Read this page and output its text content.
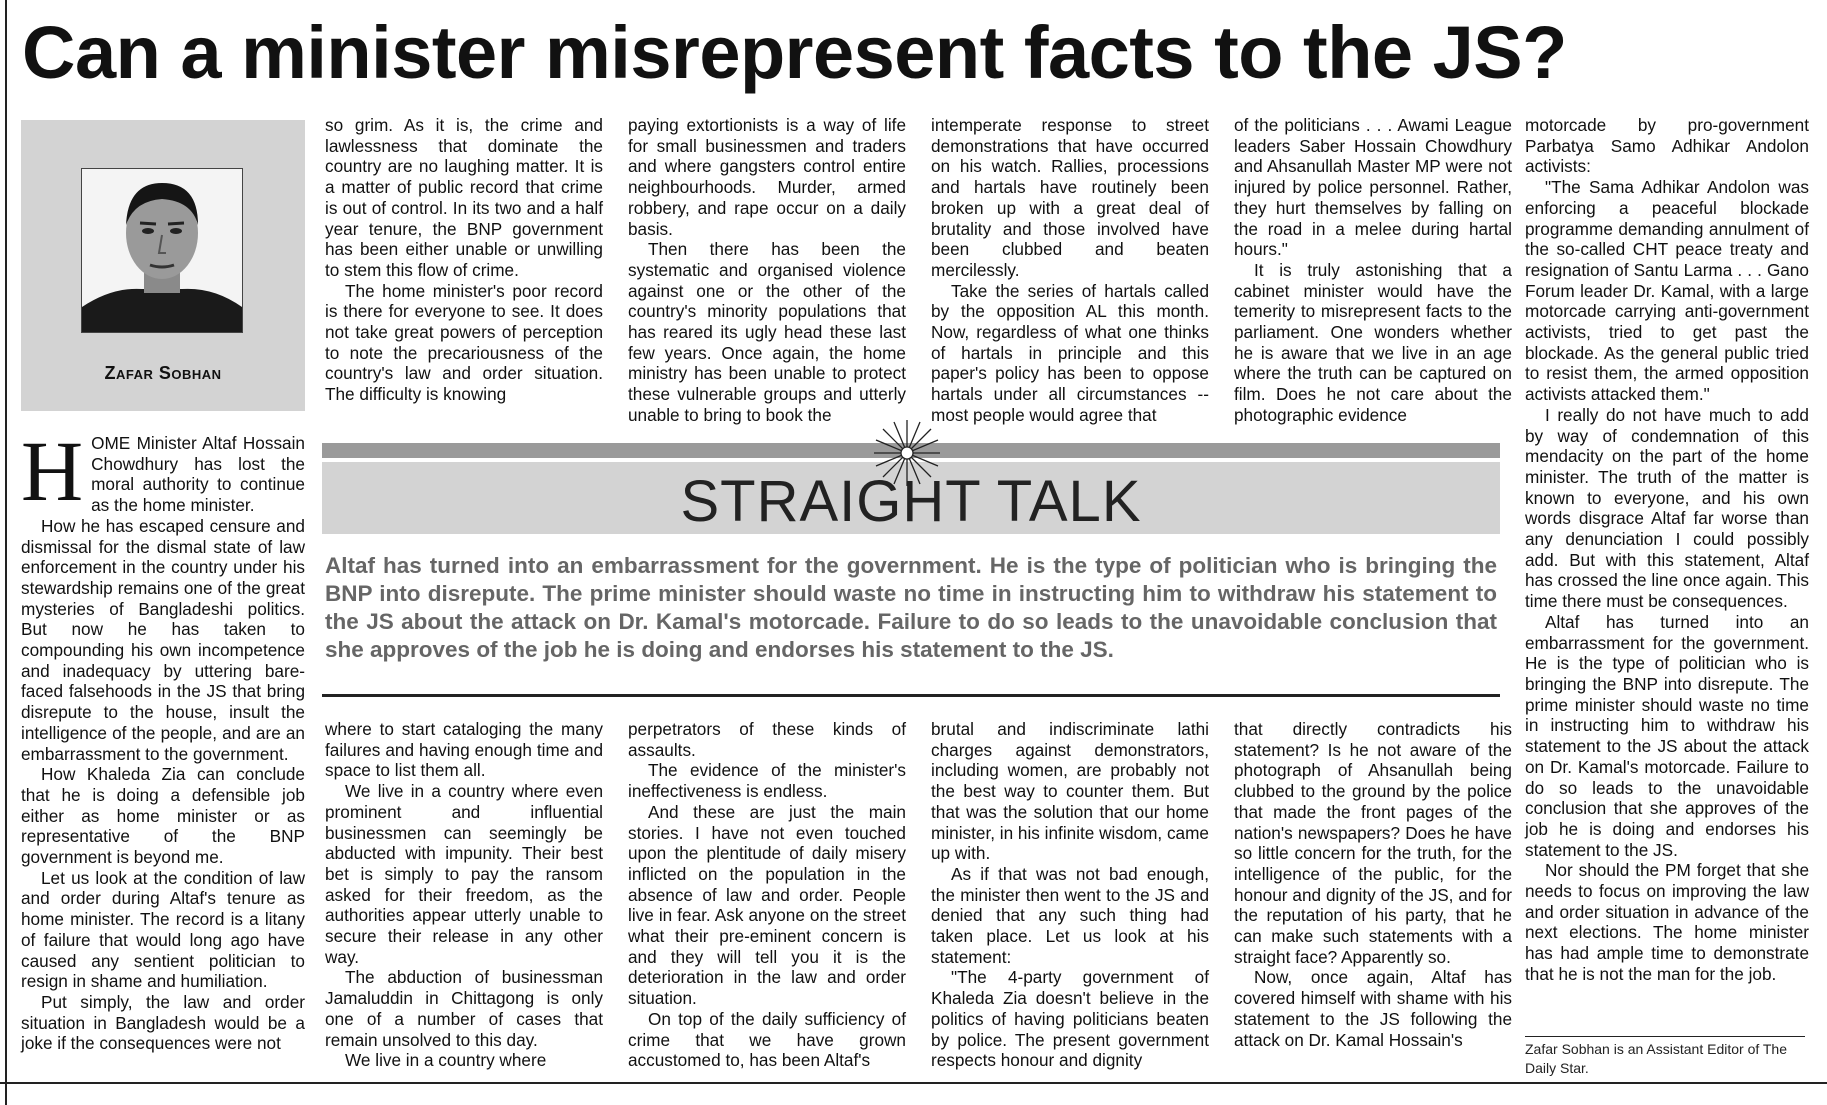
Can a minister misrepresent facts to the JS?
Zafar Sobhan

HOME Minister Altaf Hossain Chowdhury has lost the moral authority to continue as the home minister.

How he has escaped censure and dismissal for the dismal state of law enforcement in the country under his stewardship remains one of the great mysteries of Bangladeshi politics. But now he has taken to compounding his own incompetence and inadequacy by uttering bare-faced falsehoods in the JS that bring disrepute to the house, insult the intelligence of the people, and are an embarrassment to the government.

How Khaleda Zia can conclude that he is doing a defensible job either as home minister or as representative of the BNP government is beyond me.

Let us look at the condition of law and order during Altaf's tenure as home minister. The record is a litany of failure that would long ago have caused any sentient politician to resign in shame and humiliation.

Put simply, the law and order situation in Bangladesh would be a joke if the consequences were not

so grim. As it is, the crime and lawlessness that dominate the country are no laughing matter. It is a matter of public record that crime is out of control. In its two and a half year tenure, the BNP government has been either unable or unwilling to stem this flow of crime.

The home minister's poor record is there for everyone to see. It does not take great powers of perception to note the precariousness of the country's law and order situation. The difficulty is knowing

paying extortionists is a way of life for small businessmen and traders and where gangsters control entire neighbourhoods. Murder, armed robbery, and rape occur on a daily basis.

Then there has been the systematic and organised violence against one or the other of the country's minority populations that has reared its ugly head these last few years. Once again, the home ministry has been unable to protect these vulnerable groups and utterly unable to bring to book the

intemperate response to street demonstrations that have occurred on his watch. Rallies, processions and hartals have routinely been broken up with a great deal of brutality and those involved have been clubbed and beaten mercilessly.

Take the series of hartals called by the opposition AL this month. Now, regardless of what one thinks of hartals in principle and this paper's policy has been to oppose hartals under all circumstances -- most people would agree that

of the politicians . . . Awami League leaders Saber Hossain Chowdhury and Ahsanullah Master MP were not injured by police personnel. Rather, they hurt themselves by falling on the road in a melee during hartal hours."

It is truly astonishing that a cabinet minister would have the temerity to misrepresent facts to the parliament. One wonders whether he is aware that we live in an age where the truth can be captured on film. Does he not care about the photographic evidence

STRAIGHT TALK
Altaf has turned into an embarrassment for the government. He is the type of politician who is bringing the BNP into disrepute. The prime minister should waste no time in instructing him to withdraw his statement to the JS about the attack on Dr. Kamal's motorcade. Failure to do so leads to the unavoidable conclusion that she approves of the job he is doing and endorses his statement to the JS.

where to start cataloging the many failures and having enough time and space to list them all.

We live in a country where even prominent and influential businessmen can seemingly be abducted with impunity. Their best bet is simply to pay the ransom asked for their freedom, as the authorities appear utterly unable to secure their release in any other way.

The abduction of businessman Jamaluddin in Chittagong is only one of a number of cases that remain unsolved to this day.

We live in a country where

perpetrators of these kinds of assaults.

The evidence of the minister's ineffectiveness is endless.

And these are just the main stories. I have not even touched upon the plentitude of daily misery inflicted on the population in the absence of law and order. People live in fear. Ask anyone on the street what their pre-eminent concern is and they will tell you it is the deterioration in the law and order situation.

On top of the daily sufficiency of crime that we have grown accustomed to, has been Altaf's

brutal and indiscriminate lathi charges against demonstrators, including women, are probably not the best way to counter them. But that was the solution that our home minister, in his infinite wisdom, came up with.

As if that was not bad enough, the minister then went to the JS and denied that any such thing had taken place. Let us look at his statement:

"The 4-party government of Khaleda Zia doesn't believe in the politics of having politicians beaten by police. The present government respects honour and dignity

that directly contradicts his statement? Is he not aware of the photograph of Ahsanullah being clubbed to the ground by the police that made the front pages of the nation's newspapers? Does he have so little concern for the truth, for the intelligence of the public, for the honour and dignity of the JS, and for the reputation of his party, that he can make such statements with a straight face? Apparently so.

Now, once again, Altaf has covered himself with shame with his statement to the JS following the attack on Dr. Kamal Hossain's

motorcade by pro-government Parbatya Samo Adhikar Andolon activists:

"The Sama Adhikar Andolon was enforcing a peaceful blockade programme demanding annulment of the so-called CHT peace treaty and resignation of Santu Larma . . . Gano Forum leader Dr. Kamal, with a large motorcade carrying anti-government activists, tried to get past the blockade. As the general public tried to resist them, the armed opposition activists attacked them."

I really do not have much to add by way of condemnation of this mendacity on the part of the home minister. The truth of the matter is known to everyone, and his own words disgrace Altaf far worse than any denunciation I could possibly add. But with this statement, Altaf has crossed the line once again. This time there must be consequences.

Altaf has turned into an embarrassment for the government. He is the type of politician who is bringing the BNP into disrepute. The prime minister should waste no time in instructing him to withdraw his statement to the JS about the attack on Dr. Kamal's motorcade. Failure to do so leads to the unavoidable conclusion that she approves of the job he is doing and endorses his statement to the JS.

Nor should the PM forget that she needs to focus on improving the law and order situation in advance of the next elections. The home minister has had ample time to demonstrate that he is not the man for the job.

Zafar Sobhan is an Assistant Editor of The Daily Star.
